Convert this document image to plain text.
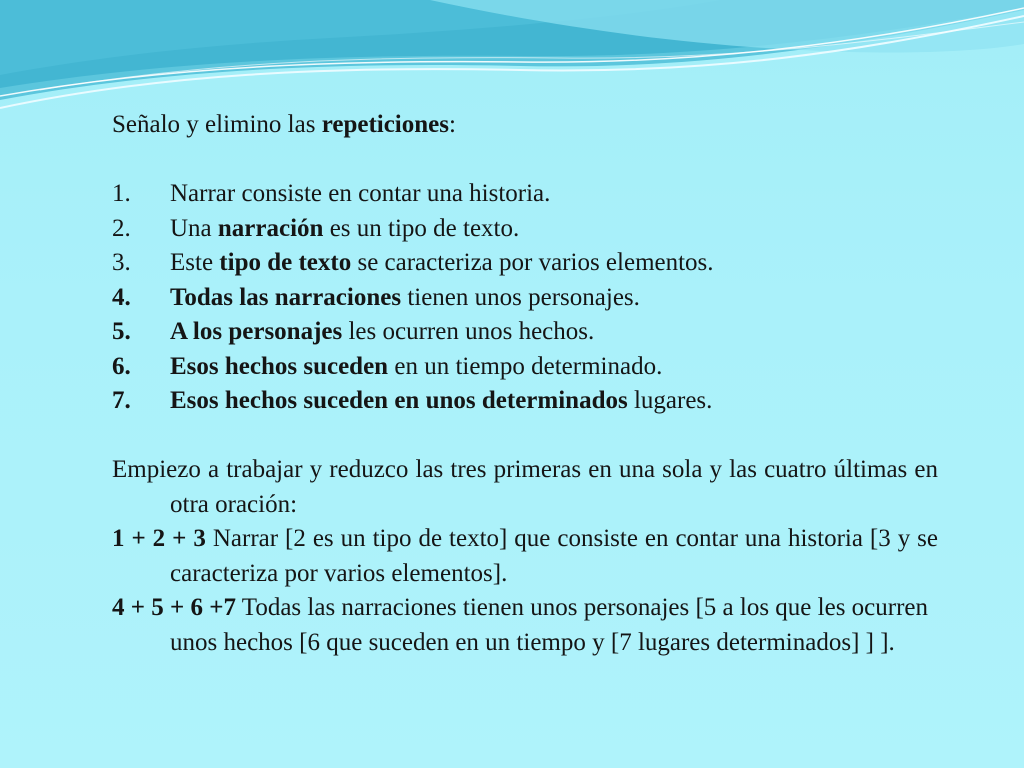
Señalo y elimino las repeticiones:

1.	Narrar consiste en contar una historia.
2.	Una narración es un tipo de texto.
3.	Este tipo de texto se caracteriza por varios elementos.
4.	Todas las narraciones tienen unos personajes.
5.	A los personajes les ocurren unos hechos.
6.	Esos hechos suceden en un tiempo determinado.
7.	Esos hechos suceden en unos determinados lugares.

Empiezo a trabajar y reduzco las tres primeras en una sola y las cuatro últimas en otra oración:

1 + 2 + 3 Narrar [2 es un tipo de texto] que consiste en contar una historia [3 y se caracteriza por varios elementos].

4 + 5 + 6 +7 Todas las narraciones tienen unos personajes [5 a los que les ocurren unos hechos [6 que suceden en un tiempo y [7 lugares determinados] ] ].
